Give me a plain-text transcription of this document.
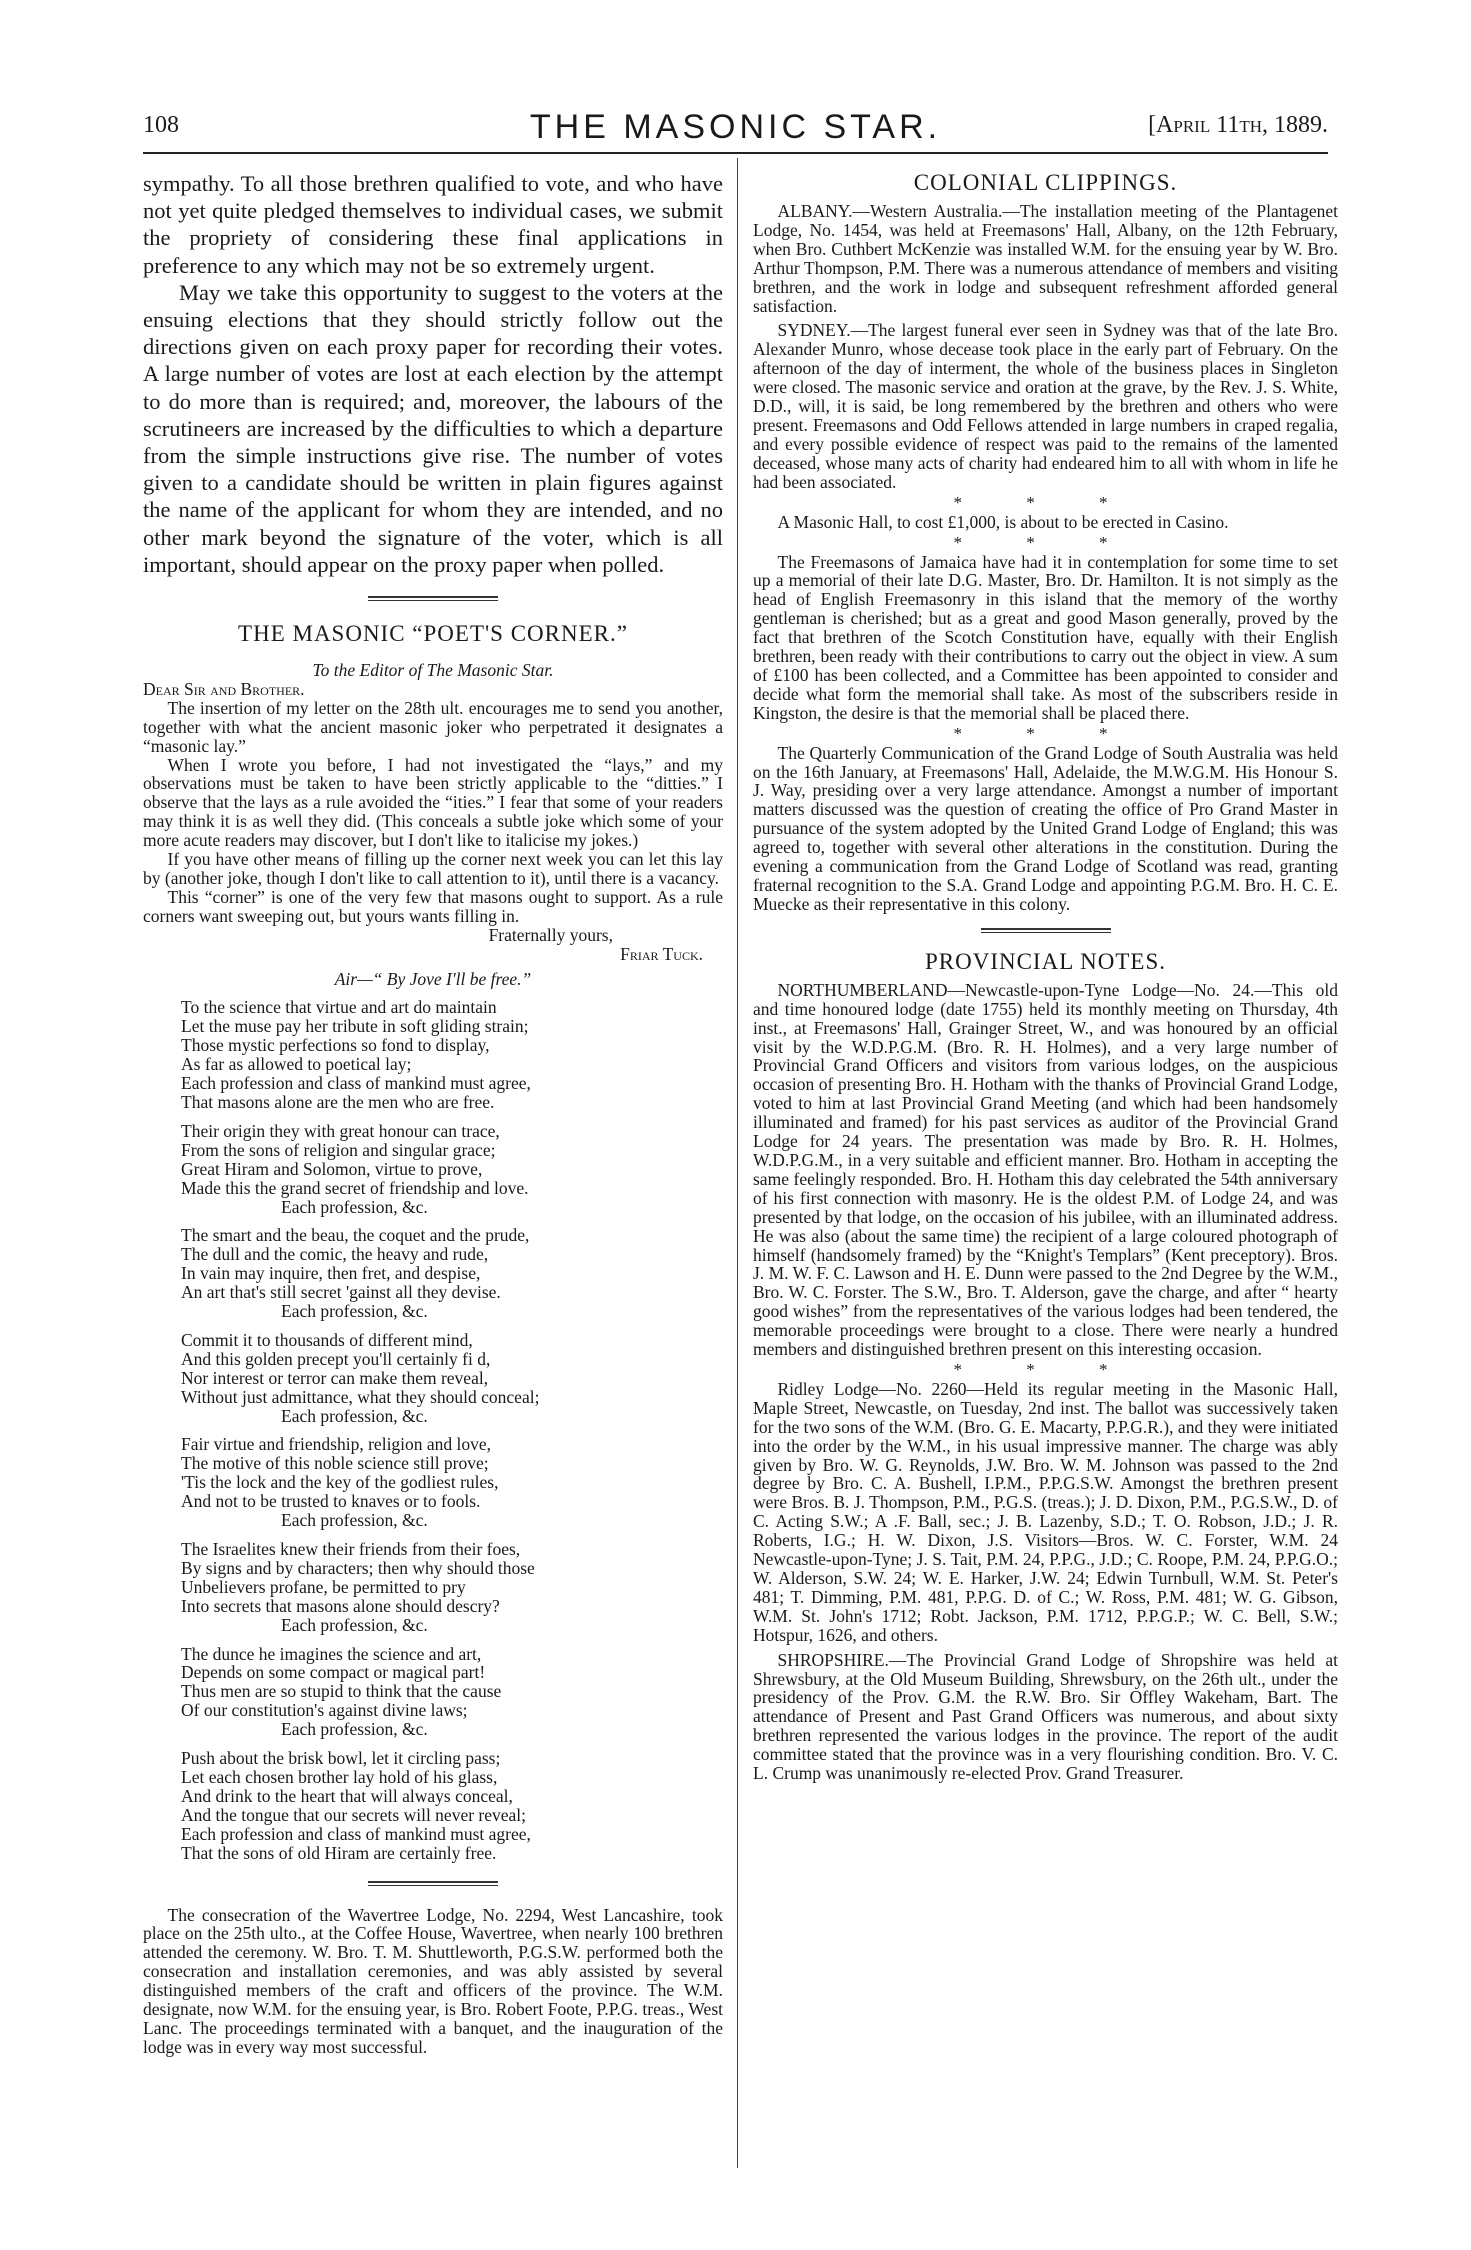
108	THE MASONIC STAR.	[April 11th, 1889.

sympathy. To all those brethren qualified to vote, and who have not yet quite pledged themselves to individual cases, we submit the propriety of considering these final applications in preference to any which may not be so extremely urgent.

May we take this opportunity to suggest to the voters at the ensuing elections that they should strictly follow out the directions given on each proxy paper for recording their votes. A large number of votes are lost at each election by the attempt to do more than is required; and, moreover, the labours of the scrutineers are increased by the difficulties to which a departure from the simple instructions give rise. The number of votes given to a candidate should be written in plain figures against the name of the applicant for whom they are intended, and no other mark beyond the signature of the voter, which is all important, should appear on the proxy paper when polled.

THE MASONIC “POET'S CORNER.”

To the Editor of The Masonic Star.

Dear Sir and Brother.

The insertion of my letter on the 28th ult. encourages me to send you another, together with what the ancient masonic joker who perpetrated it designates a “masonic lay.”

When I wrote you before, I had not investigated the “lays,” and my observations must be taken to have been strictly applicable to the “ditties.” I observe that the lays as a rule avoided the “ities.” I fear that some of your readers may think it is as well they did. (This conceals a subtle joke which some of your more acute readers may discover, but I don't like to italicise my jokes.)

If you have other means of filling up the corner next week you can let this lay by (another joke, though I don't like to call attention to it), until there is a vacancy.

This “corner” is one of the very few that masons ought to support. As a rule corners want sweeping out, but yours wants filling in.

Fraternally yours,

Friar Tuck.

Air—“ By Jove I'll be free.”

To the science that virtue and art do maintain

Let the muse pay her tribute in soft gliding strain;

Those mystic perfections so fond to display,

As far as allowed to poetical lay;

Each profession and class of mankind must agree,

That masons alone are the men who are free.

Their origin they with great honour can trace,

From the sons of religion and singular grace;

Great Hiram and Solomon, virtue to prove,

Made this the grand secret of friendship and love.

Each profession, &c.

The smart and the beau, the coquet and the prude,

The dull and the comic, the heavy and rude,

In vain may inquire, then fret, and despise,

An art that's still secret 'gainst all they devise.

Each profession, &c.

Commit it to thousands of different mind,

And this golden precept you'll certainly fi d,

Nor interest or terror can make them reveal,

Without just admittance, what they should conceal;

Each profession, &c.

Fair virtue and friendship, religion and love,

The motive of this noble science still prove;

'Tis the lock and the key of the godliest rules,

And not to be trusted to knaves or to fools.

Each profession, &c.

The Israelites knew their friends from their foes,

By signs and by characters; then why should those

Unbelievers profane, be permitted to pry

Into secrets that masons alone should descry?

Each profession, &c.

The dunce he imagines the science and art,

Depends on some compact or magical part!

Thus men are so stupid to think that the cause

Of our constitution's against divine laws;

Each profession, &c.

Push about the brisk bowl, let it circling pass;

Let each chosen brother lay hold of his glass,

And drink to the heart that will always conceal,

And the tongue that our secrets will never reveal;

Each profession and class of mankind must agree,

That the sons of old Hiram are certainly free.

The consecration of the Wavertree Lodge, No. 2294, West Lancashire, took place on the 25th ulto., at the Coffee House, Wavertree, when nearly 100 brethren attended the ceremony. W. Bro. T. M. Shuttleworth, P.G.S.W. performed both the consecration and installation ceremonies, and was ably assisted by several distinguished members of the craft and officers of the province. The W.M. designate, now W.M. for the ensuing year, is Bro. Robert Foote, P.P.G. treas., West Lanc. The proceedings terminated with a banquet, and the inauguration of the lodge was in every way most successful.

COLONIAL CLIPPINGS.

ALBANY.—Western Australia.—The installation meeting of the Plantagenet Lodge, No. 1454, was held at Freemasons' Hall, Albany, on the 12th February, when Bro. Cuthbert McKenzie was installed W.M. for the ensuing year by W. Bro. Arthur Thompson, P.M. There was a numerous attendance of members and visiting brethren, and the work in lodge and subsequent refreshment afforded general satisfaction.

SYDNEY.—The largest funeral ever seen in Sydney was that of the late Bro. Alexander Munro, whose decease took place in the early part of February. On the afternoon of the day of interment, the whole of the business places in Singleton were closed. The masonic service and oration at the grave, by the Rev. J. S. White, D.D., will, it is said, be long remembered by the brethren and others who were present. Freemasons and Odd Fellows attended in large numbers in craped regalia, and every possible evidence of respect was paid to the remains of the lamented deceased, whose many acts of charity had endeared him to all with whom in life he had been associated.

* * *

A Masonic Hall, to cost £1,000, is about to be erected in Casino.

* * *

The Freemasons of Jamaica have had it in contemplation for some time to set up a memorial of their late D.G. Master, Bro. Dr. Hamilton. It is not simply as the head of English Freemasonry in this island that the memory of the worthy gentleman is cherished; but as a great and good Mason generally, proved by the fact that brethren of the Scotch Constitution have, equally with their English brethren, been ready with their contributions to carry out the object in view. A sum of £100 has been collected, and a Committee has been appointed to consider and decide what form the memorial shall take. As most of the subscribers reside in Kingston, the desire is that the memorial shall be placed there.

* * *

The Quarterly Communication of the Grand Lodge of South Australia was held on the 16th January, at Freemasons' Hall, Adelaide, the M.W.G.M. His Honour S. J. Way, presiding over a very large attendance. Amongst a number of important matters discussed was the question of creating the office of Pro Grand Master in pursuance of the system adopted by the United Grand Lodge of England; this was agreed to, together with several other alterations in the constitution. During the evening a communication from the Grand Lodge of Scotland was read, granting fraternal recognition to the S.A. Grand Lodge and appointing P.G.M. Bro. H. C. E. Muecke as their representative in this colony.

PROVINCIAL NOTES.

NORTHUMBERLAND—Newcastle-upon-Tyne Lodge—No. 24.—This old and time honoured lodge (date 1755) held its monthly meeting on Thursday, 4th inst., at Freemasons' Hall, Grainger Street, W., and was honoured by an official visit by the W.D.P.G.M. (Bro. R. H. Holmes), and a very large number of Provincial Grand Officers and visitors from various lodges, on the auspicious occasion of presenting Bro. H. Hotham with the thanks of Provincial Grand Lodge, voted to him at last Provincial Grand Meeting (and which had been handsomely illuminated and framed) for his past services as auditor of the Provincial Grand Lodge for 24 years. The presentation was made by Bro. R. H. Holmes, W.D.P.G.M., in a very suitable and efficient manner. Bro. Hotham in accepting the same feelingly responded. Bro. H. Hotham this day celebrated the 54th anniversary of his first connection with masonry. He is the oldest P.M. of Lodge 24, and was presented by that lodge, on the occasion of his jubilee, with an illuminated address. He was also (about the same time) the recipient of a large coloured photograph of himself (handsomely framed) by the “Knight's Templars” (Kent preceptory). Bros. J. M. W. F. C. Lawson and H. E. Dunn were passed to the 2nd Degree by the W.M., Bro. W. C. Forster. The S.W., Bro. T. Alderson, gave the charge, and after “ hearty good wishes” from the representatives of the various lodges had been tendered, the memorable proceedings were brought to a close. There were nearly a hundred members and distinguished brethren present on this interesting occasion.

* * *

Ridley Lodge—No. 2260—Held its regular meeting in the Masonic Hall, Maple Street, Newcastle, on Tuesday, 2nd inst. The ballot was successively taken for the two sons of the W.M. (Bro. G. E. Macarty, P.P.G.R.), and they were initiated into the order by the W.M., in his usual impressive manner. The charge was ably given by Bro. W. G. Reynolds, J.W. Bro. W. M. Johnson was passed to the 2nd degree by Bro. C. A. Bushell, I.P.M., P.P.G.S.W. Amongst the brethren present were Bros. B. J. Thompson, P.M., P.G.S. (treas.); J. D. Dixon, P.M., P.G.S.W., D. of C. Acting S.W.; A .F. Ball, sec.; J. B. Lazenby, S.D.; T. O. Robson, J.D.; J. R. Roberts, I.G.; H. W. Dixon, J.S. Visitors—Bros. W. C. Forster, W.M. 24 Newcastle-upon-Tyne; J. S. Tait, P.M. 24, P.P.G., J.D.; C. Roope, P.M. 24, P.P.G.O.; W. Alderson, S.W. 24; W. E. Harker, J.W. 24; Edwin Turnbull, W.M. St. Peter's 481; T. Dimming, P.M. 481, P.P.G. D. of C.; W. Ross, P.M. 481; W. G. Gibson, W.M. St. John's 1712; Robt. Jackson, P.M. 1712, P.P.G.P.; W. C. Bell, S.W.; Hotspur, 1626, and others.

SHROPSHIRE.—The Provincial Grand Lodge of Shropshire was held at Shrewsbury, at the Old Museum Building, Shrewsbury, on the 26th ult., under the presidency of the Prov. G.M. the R.W. Bro. Sir Offley Wakeham, Bart. The attendance of Present and Past Grand Officers was numerous, and about sixty brethren represented the various lodges in the province. The report of the audit committee stated that the province was in a very flourishing condition. Bro. V. C. L. Crump was unanimously re-elected Prov. Grand Treasurer.
